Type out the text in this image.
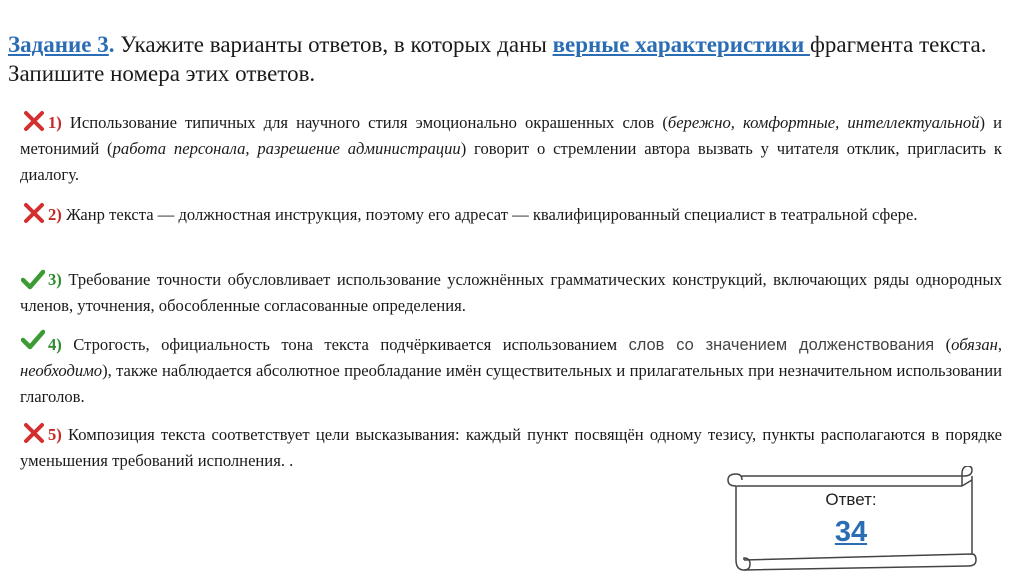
Задание 3. Укажите варианты ответов, в которых даны верные характеристики фрагмента текста. Запишите номера этих ответов.
1) Использование типичных для научного стиля эмоционально окрашенных слов (бережно, комфортные, интеллектуальной) и метонимий (работа персонала, разрешение администрации) говорит о стремлении автора вызвать у читателя отклик, пригласить к диалогу.
2) Жанр текста — должностная инструкция, поэтому его адресат — квалифицированный специалист в театральной сфере.
3) Требование точности обусловливает использование усложнённых грамматических конструкций, включающих ряды однородных членов, уточнения, обособленные согласованные определения.
4) Строгость, официальность тона текста подчёркивается использованием слов со значением долженствования (обязан, необходимо), также наблюдается абсолютное преобладание имён существительных и прилагательных при незначительном использовании глаголов.
5) Композиция текста соответствует цели высказывания: каждый пункт посвящён одному тезису, пункты располагаются в порядке уменьшения требований исполнения. .
Ответ:
34
